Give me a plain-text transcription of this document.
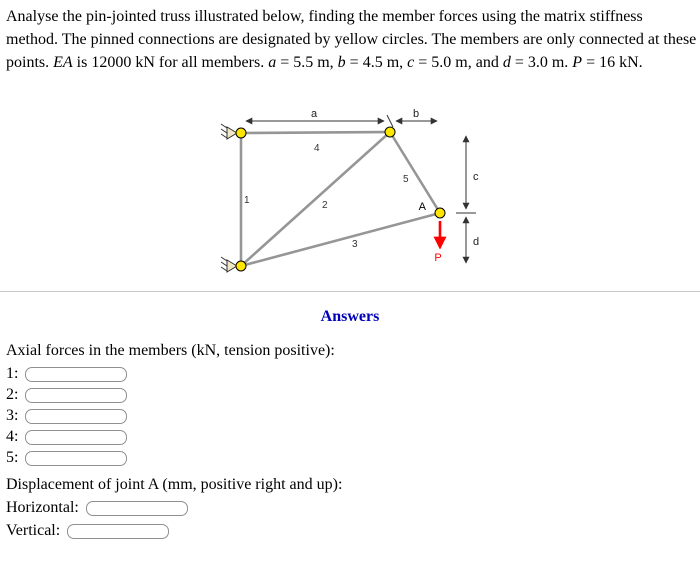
Analyse the pin-jointed truss illustrated below, finding the member forces using the matrix stiffness method. The pinned connections are designated by yellow circles. The members are only connected at these points. EA is 12000 kN for all members. a = 5.5 m, b = 4.5 m, c = 5.0 m, and d = 3.0 m. P = 16 kN.

a	b
c
d
P
1	2
3
4
5
A
Answers
Axial forces in the members (kN, tension positive):
1:
2:
3:
4:
5:
Displacement of joint A (mm, positive right and up):
Horizontal:
Vertical:
